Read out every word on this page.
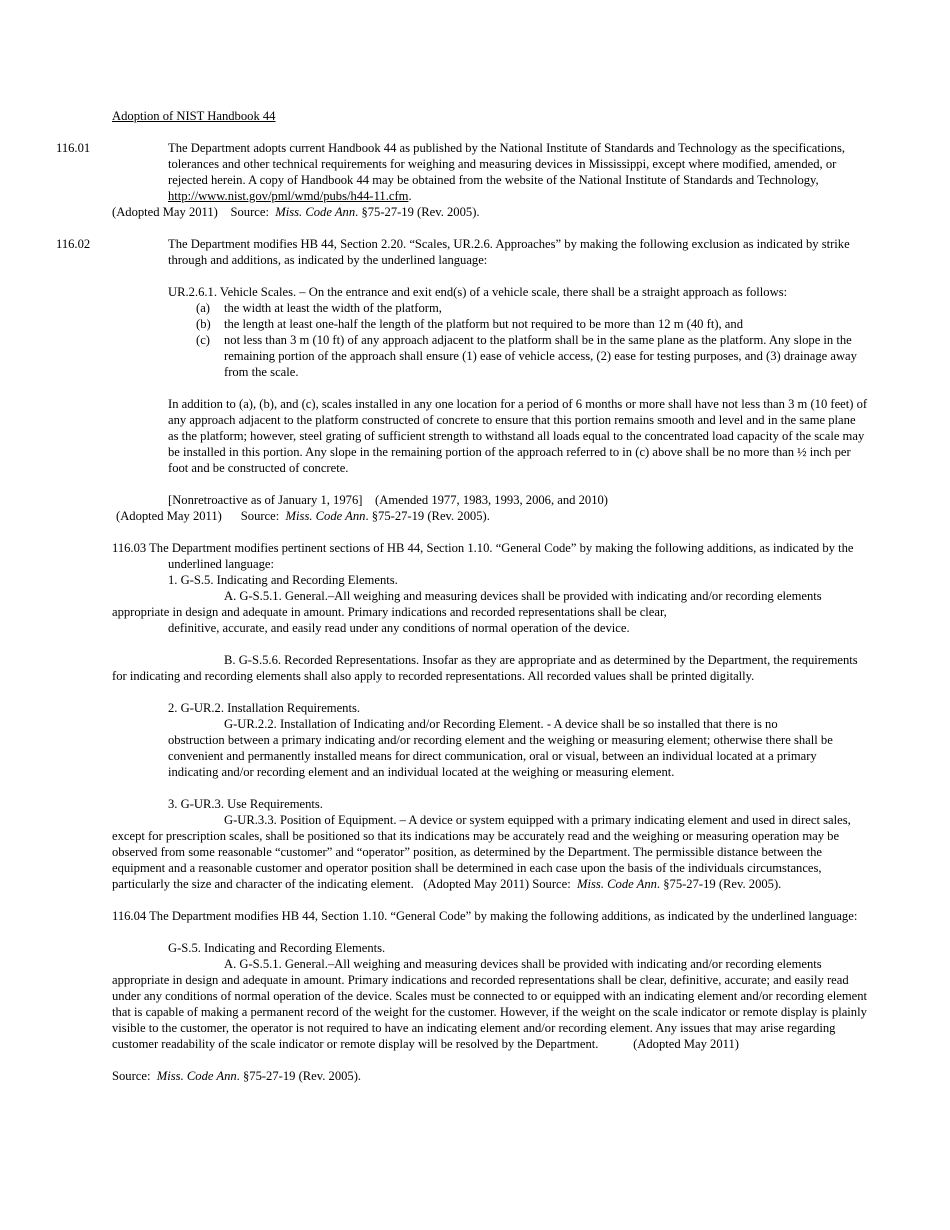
Adoption of NIST Handbook 44

116.01	The Department adopts current Handbook 44 as published by the National Institute of Standards and Technology as the specifications, tolerances and other technical requirements for weighing and measuring devices in Mississippi, except where modified, amended, or rejected herein. A copy of Handbook 44 may be obtained from the website of the National Institute of Standards and Technology, http://www.nist.gov/pml/wmd/pubs/h44-11.cfm.

(Adopted May 2011) Source: Miss. Code Ann. §75-27-19 (Rev. 2005).

116.02	The Department modifies HB 44, Section 2.20. “Scales, UR.2.6. Approaches” by making the following exclusion as indicated by strike through and additions, as indicated by the underlined language:

UR.2.6.1. Vehicle Scales. – On the entrance and exit end(s) of a vehicle scale, there shall be a straight approach as follows:

(a) the width at least the width of the platform,

(b) the length at least one-half the length of the platform but not required to be more than 12 m (40 ft), and

(c) not less than 3 m (10 ft) of any approach adjacent to the platform shall be in the same plane as the platform. Any slope in the remaining portion of the approach shall ensure (1) ease of vehicle access, (2) ease for testing purposes, and (3) drainage away from the scale.

In addition to (a), (b), and (c), scales installed in any one location for a period of 6 months or more shall have not less than 3 m (10 feet) of any approach adjacent to the platform constructed of concrete to ensure that this portion remains smooth and level and in the same plane as the platform; however, steel grating of sufficient strength to withstand all loads equal to the concentrated load capacity of the scale may be installed in this portion. Any slope in the remaining portion of the approach referred to in (c) above shall be no more than ½ inch per foot and be constructed of concrete.

[Nonretroactive as of January 1, 1976] (Amended 1977, 1983, 1993, 2006, and 2010)

(Adopted May 2011) Source: Miss. Code Ann. §75-27-19 (Rev. 2005).

116.03 The Department modifies pertinent sections of HB 44, Section 1.10. “General Code” by making the following additions, as indicated by the underlined language:

1. G-S.5. Indicating and Recording Elements.

A. G-S.5.1. General.–All weighing and measuring devices shall be provided with indicating and/or recording elements appropriate in design and adequate in amount. Primary indications and recorded representations shall be clear,

definitive, accurate, and easily read under any conditions of normal operation of the device.

B. G-S.5.6. Recorded Representations. Insofar as they are appropriate and as determined by the Department, the requirements for indicating and recording elements shall also apply to recorded representations. All recorded values shall be printed digitally.

2. G-UR.2. Installation Requirements.

G-UR.2.2. Installation of Indicating and/or Recording Element. - A device shall be so installed that there is no

obstruction between a primary indicating and/or recording element and the weighing or measuring element; otherwise there shall be convenient and permanently installed means for direct communication, oral or visual, between an individual located at a primary indicating and/or recording element and an individual located at the weighing or measuring element.

3. G-UR.3. Use Requirements.

G-UR.3.3. Position of Equipment. – A device or system equipped with a primary indicating element and used in direct sales, except for prescription scales, shall be positioned so that its indications may be accurately read and the weighing or measuring operation may be observed from some reasonable “customer” and “operator” position, as determined by the Department. The permissible distance between the equipment and a reasonable customer and operator position shall be determined in each case upon the basis of the individuals circumstances, particularly the size and character of the indicating element. (Adopted May 2011) Source: Miss. Code Ann. §75-27-19 (Rev. 2005).

116.04 The Department modifies HB 44, Section 1.10. “General Code” by making the following additions, as indicated by the underlined language:

G-S.5. Indicating and Recording Elements.

A. G-S.5.1. General.–All weighing and measuring devices shall be provided with indicating and/or recording elements appropriate in design and adequate in amount. Primary indications and recorded representations shall be clear, definitive, accurate; and easily read under any conditions of normal operation of the device. Scales must be connected to or equipped with an indicating element and/or recording element that is capable of making a permanent record of the weight for the customer. However, if the weight on the scale indicator or remote display is plainly visible to the customer, the operator is not required to have an indicating element and/or recording element. Any issues that may arise regarding customer readability of the scale indicator or remote display will be resolved by the Department.	(Adopted May 2011)

Source: Miss. Code Ann. §75-27-19 (Rev. 2005).
